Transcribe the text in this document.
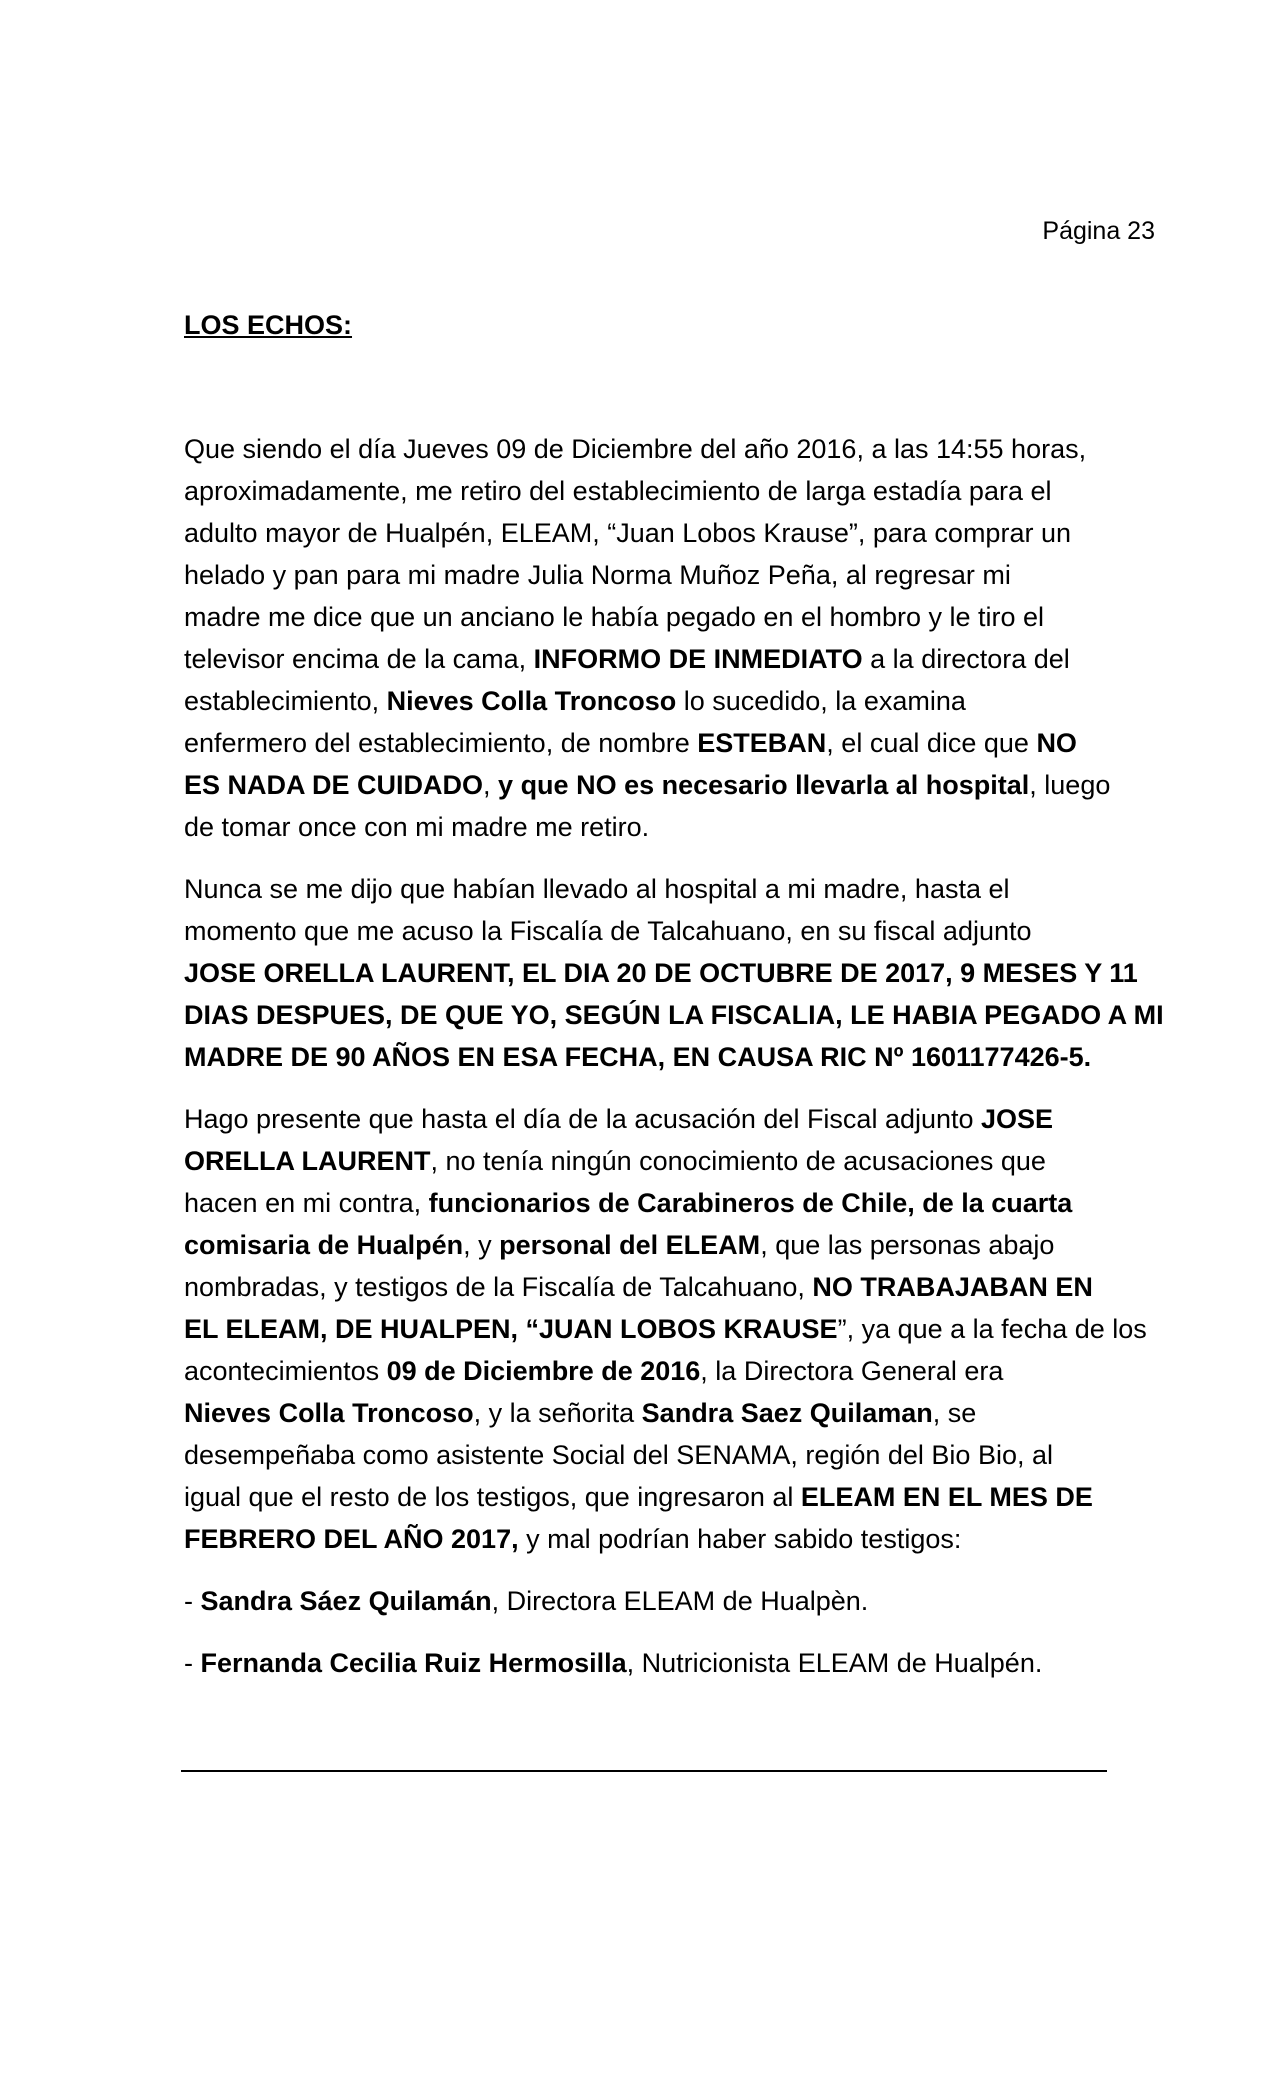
Página 23
LOS ECHOS:

Que siendo el día Jueves 09 de Diciembre del año 2016, a las 14:55 horas,
aproximadamente, me retiro del establecimiento de larga estadía para el
adulto mayor de Hualpén, ELEAM, “Juan Lobos Krause”, para comprar un
helado y pan para mi madre Julia Norma Muñoz Peña, al regresar mi
madre me dice que un anciano le había pegado en el hombro y le tiro el
televisor encima de la cama, INFORMO DE INMEDIATO a la directora del
establecimiento, Nieves Colla Troncoso lo sucedido, la examina
enfermero del establecimiento, de nombre ESTEBAN, el cual dice que NO
ES NADA DE CUIDADO, y que NO es necesario llevarla al hospital, luego
de tomar once con mi madre me retiro.

Nunca se me dijo que habían llevado al hospital a mi madre, hasta el
momento que me acuso la Fiscalía de Talcahuano, en su fiscal adjunto
JOSE ORELLA LAURENT, EL DIA 20 DE OCTUBRE DE 2017, 9 MESES Y 11
DIAS DESPUES, DE QUE YO, SEGÚN LA FISCALIA, LE HABIA PEGADO A MI
MADRE DE 90 AÑOS EN ESA FECHA, EN CAUSA RIC Nº 1601177426-5.

Hago presente que hasta el día de la acusación del Fiscal adjunto JOSE
ORELLA LAURENT, no tenía ningún conocimiento de acusaciones que
hacen en mi contra, funcionarios de Carabineros de Chile, de la cuarta
comisaria de Hualpén, y personal del ELEAM, que las personas abajo
nombradas, y testigos de la Fiscalía de Talcahuano, NO TRABAJABAN EN
EL ELEAM, DE HUALPEN, “JUAN LOBOS KRAUSE”, ya que a la fecha de los
acontecimientos 09 de Diciembre de 2016, la Directora General era
Nieves Colla Troncoso, y la señorita Sandra Saez Quilaman, se
desempeñaba como asistente Social del SENAMA, región del Bio Bio, al
igual que el resto de los testigos, que ingresaron al ELEAM EN EL MES DE
FEBRERO DEL AÑO 2017, y mal podrían haber sabido testigos:

- Sandra Sáez Quilamán, Directora ELEAM de Hualpèn.

- Fernanda Cecilia Ruiz Hermosilla, Nutricionista ELEAM de Hualpén.
